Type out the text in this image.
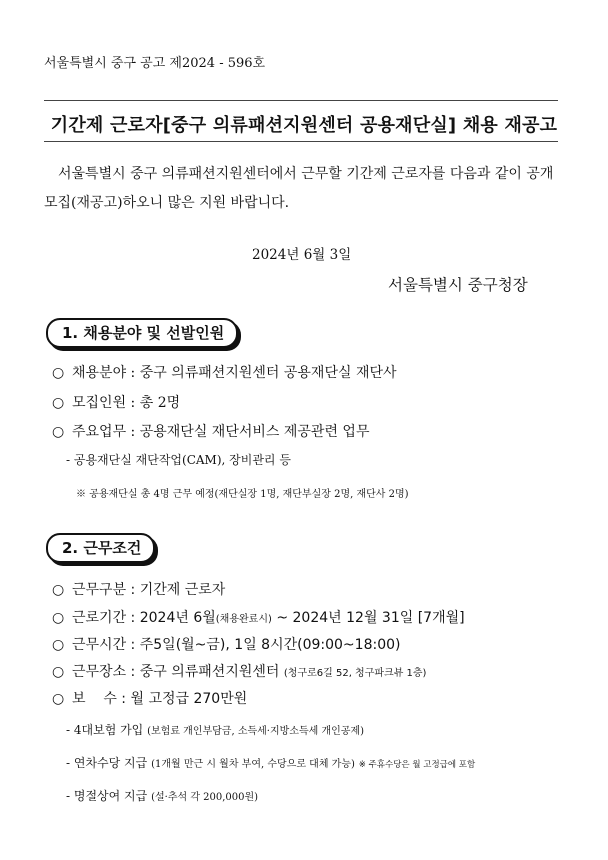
서울특별시 중구 공고 제2024 - 596호
기간제 근로자[중구 의류패션지원센터 공용재단실] 채용 재공고
서울특별시 중구 의류패션지원센터에서 근무할 기간제 근로자를 다음과 같이 공개모집(재공고)하오니 많은 지원 바랍니다.
2024년 6월 3일
서울특별시 중구청장
1. 채용분야 및 선발인원
○ 채용분야 : 중구 의류패션지원센터 공용재단실 재단사
○ 모집인원 : 총 2명
○ 주요업무 : 공용재단실 재단서비스 제공관련 업무
- 공용재단실 재단작업(CAM), 장비관리 등
※ 공용재단실 총 4명 근무 예정(재단실장 1명, 재단부실장 2명, 재단사 2명)
2. 근무조건
○ 근무구분 : 기간제 근로자
○ 근로기간 : 2024년 6월(채용완료시) ~ 2024년 12월 31일 [7개월]
○ 근무시간 : 주5일(월~금), 1일 8시간(09:00~18:00)
○ 근무장소 : 중구 의류패션지원센터 (청구로6길 52, 청구파크뷰 1층)
○ 보    수 : 월 고정급 270만원
- 4대보험 가입 (보험료 개인부담금, 소득세·지방소득세 개인공제)
- 연차수당 지급 (1개월 만근 시 월차 부여, 수당으로 대체 가능) ※ 주휴수당은 월 고정급에 포함
- 명절상여 지급 (설·추석 각 200,000원)
